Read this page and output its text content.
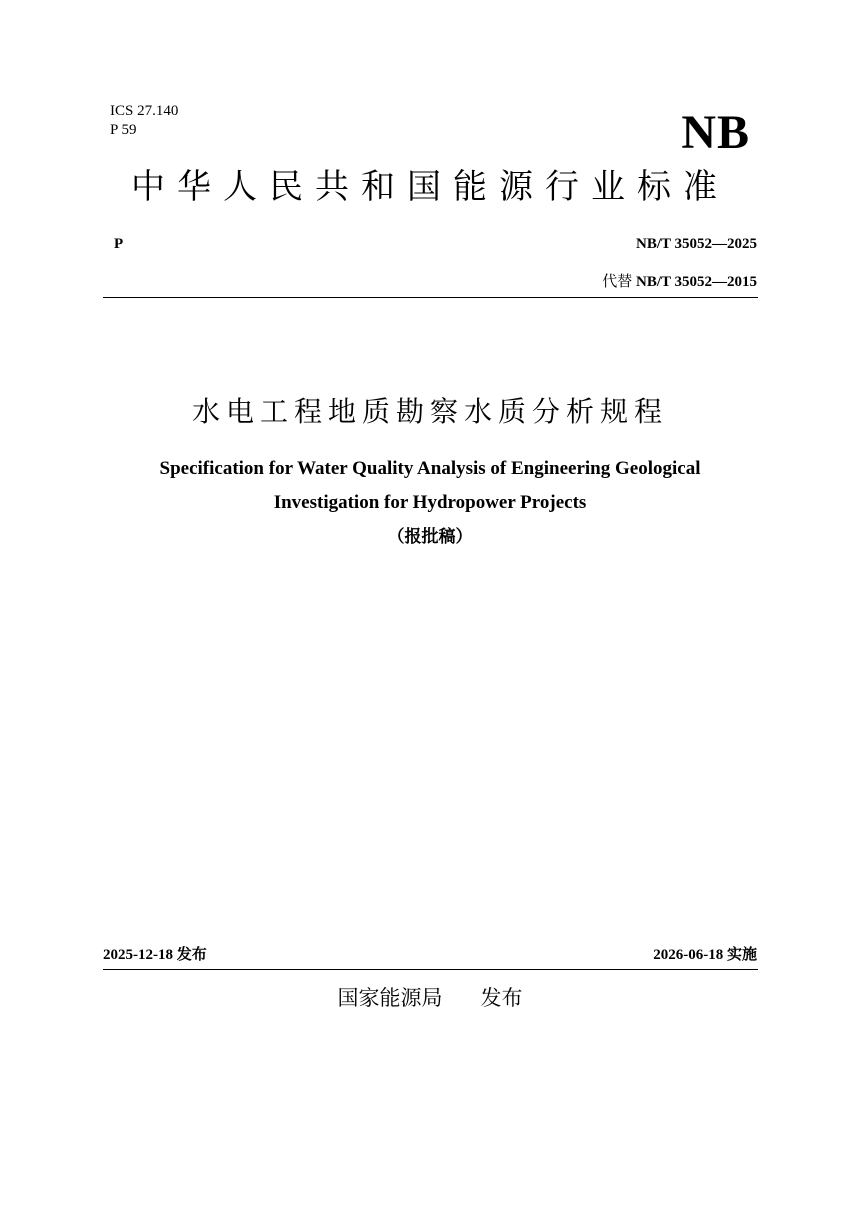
ICS 27.140
P 59	NB
中华人民共和国能源行业标准
P	NB/T 35052—2025
代替 NB/T 35052—2015
水电工程地质勘察水质分析规程
Specification for Water Quality Analysis of Engineering Geological
Investigation for Hydropower Projects
（报批稿）
2025-12-18 发布	2026-06-18 实施
国家能源局 发布
